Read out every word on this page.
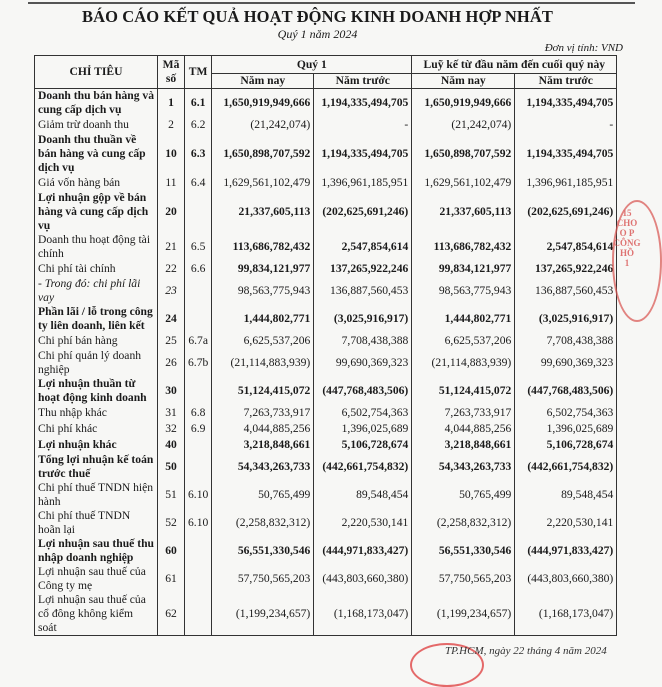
BÁO CÁO KẾT QUẢ HOẠT ĐỘNG KINH DOANH HỢP NHẤT
Quý 1 năm 2024
Đơn vị tính: VND
CHỈ TIÊU	Mã số	TM	Quý 1		Luỹ kế từ đầu năm đến cuối quý này	
			Năm nay	Năm trước	Năm nay	Năm trước
Doanh thu bán hàng và cung cấp dịch vụ	1	6.1	1,650,919,949,666	1,194,335,494,705	1,650,919,949,666	1,194,335,494,705
Giảm trừ doanh thu	2	6.2	(21,242,074)	-	(21,242,074)	-
Doanh thu thuần về bán hàng và cung cấp dịch vụ	10	6.3	1,650,898,707,592	1,194,335,494,705	1,650,898,707,592	1,194,335,494,705
Giá vốn hàng bán	11	6.4	1,629,561,102,479	1,396,961,185,951	1,629,561,102,479	1,396,961,185,951
Lợi nhuận gộp về bán hàng và cung cấp dịch vụ	20		21,337,605,113	(202,625,691,246)	21,337,605,113	(202,625,691,246)
Doanh thu hoạt động tài chính	21	6.5	113,686,782,432	2,547,854,614	113,686,782,432	2,547,854,614
Chi phí tài chính	22	6.6	99,834,121,977	137,265,922,246	99,834,121,977	137,265,922,246
- Trong đó: chi phí lãi vay	23		98,563,775,943	136,887,560,453	98,563,775,943	136,887,560,453
Phần lãi / lỗ trong công ty liên doanh, liên kết	24		1,444,802,771	(3,025,916,917)	1,444,802,771	(3,025,916,917)
Chi phí bán hàng	25	6.7a	6,625,537,206	7,708,438,388	6,625,537,206	7,708,438,388
Chi phí quản lý doanh nghiệp	26	6.7b	(21,114,883,939)	99,690,369,323	(21,114,883,939)	99,690,369,323
Lợi nhuận thuần từ hoạt động kinh doanh	30		51,124,415,072	(447,768,483,506)	51,124,415,072	(447,768,483,506)
Thu nhập khác	31	6.8	7,263,733,917	6,502,754,363	7,263,733,917	6,502,754,363
Chi phí khác	32	6.9	4,044,885,256	1,396,025,689	4,044,885,256	1,396,025,689
Lợi nhuận khác	40		3,218,848,661	5,106,728,674	3,218,848,661	5,106,728,674
Tổng lợi nhuận kế toán trước thuế	50		54,343,263,733	(442,661,754,832)	54,343,263,733	(442,661,754,832)
Chi phí thuế TNDN hiện hành	51	6.10	50,765,499	89,548,454	50,765,499	89,548,454
Chi phí thuế TNDN hoãn lại	52	6.10	(2,258,832,312)	2,220,530,141	(2,258,832,312)	2,220,530,141
Lợi nhuận sau thuế thu nhập doanh nghiệp	60		56,551,330,546	(444,971,833,427)	56,551,330,546	(444,971,833,427)
Lợi nhuận sau thuế của Công ty mẹ	61		57,750,565,203	(443,803,660,380)	57,750,565,203	(443,803,660,380)
Lợi nhuận sau thuế của cổ đông không kiểm soát	62		(1,199,234,657)	(1,168,173,047)	(1,199,234,657)	(1,168,173,047)
15
CHO
O P
CÔNG
HỒ
1
TP.HCM, ngày 22 tháng 4 năm 2024
